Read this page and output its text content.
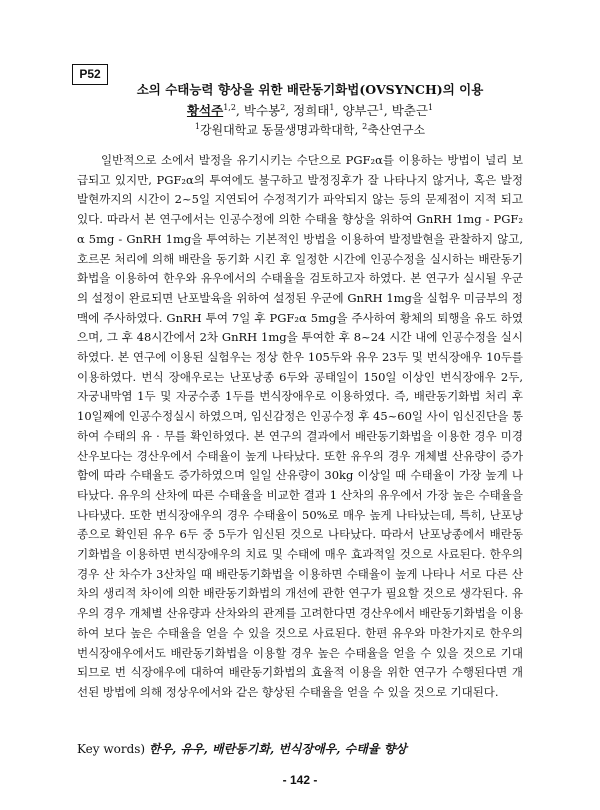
P52
소의 수태능력 향상을 위한 배란동기화법(OVSYNCH)의 이용
황석주$^{1,2}$, 박수봉$^2$, 정희태$^1$, 양부근$^1$, 박춘근$^1$
$^1$강원대학교 동물생명과학대학, $^2$축산연구소
일반적으로 소에서 발정을 유기시키는 수단으로 PGF₂α를 이용하는 방법이 널리 보급되고 있지만, PGF₂α의 투여에도 불구하고 발정징후가 잘 나타나지 않거나, 혹은 발정발현까지의 시간이 2~5일 지연되어 수정적기가 파악되지 않는 등의 문제점이 지적 되고 있다. 따라서 본 연구에서는 인공수정에 의한 수태율 향상을 위하여 GnRH 1mg - PGF₂α 5mg - GnRH 1mg을 투여하는 기본적인 방법을 이용하여 발정발현을 관찰하지 않고, 호르몬 처리에 의해 배란을 동기화 시킨 후 일정한 시간에 인공수정을 실시하는 배란동기화법을 이용하여 한우와 유우에서의 수태율을 검토하고자 하였다. 본 연구가 실시될 우군의 설정이 완료되면 난포발육을 위하여 설정된 우군에 GnRH 1mg을 실험우 미금부의 정맥에 주사하였다. GnRH 투여 7일 후 PGF₂α 5mg을 주사하여 황체의 퇴행을 유도 하였으며, 그 후 48시간에서 2차 GnRH 1mg을 투여한 후 8~24 시간 내에 인공수정을 실시하였다. 본 연구에 이용된 실험우는 정상 한우 105두와 유우 23두 및 번식장애우 10두를 이용하였다. 번식 장애우로는 난포낭종 6두와 공태일이 150일 이상인 번식장애우 2두, 자궁내막염 1두 및 자궁수종 1두를 번식장애우로 이용하였다. 즉, 배란동기화법 처리 후 10일째에 인공수정실시 하였으며, 임신감정은 인공수정 후 45~60일 사이 임신진단을 통하여 수태의 유 · 무를 확인하였다. 본 연구의 결과에서 배란동기화법을 이용한 경우 미경산우보다는 경산우에서 수태율이 높게 나타났다. 또한 유우의 경우 개체별 산유량이 증가함에 따라 수태율도 증가하였으며 일일 산유량이 30kg 이상일 때 수태율이 가장 높게 나타났다. 유우의 산차에 따른 수태율을 비교한 결과 1 산차의 유우에서 가장 높은 수태율을 나타냈다. 또한 번식장애우의 경우 수태율이 50%로 매우 높게 나타났는데, 특히, 난포낭종으로 확인된 유우 6두 중 5두가 임신된 것으로 나타났다. 따라서 난포낭종에서 배란동기화법을 이용하면 번식장애우의 치료 및 수태에 매우 효과적일 것으로 사료된다. 한우의 경우 산 차수가 3산차일 때 배란동기화법을 이용하면 수태율이 높게 나타나 서로 다른 산차의 생리적 차이에 의한 배란동기화법의 개선에 관한 연구가 필요할 것으로 생각된다. 유우의 경우 개체별 산유량과 산차와의 관계를 고려한다면 경산우에서 배란동기화법을 이용하여 보다 높은 수태율을 얻을 수 있을 것으로 사료된다. 한편 유우와 마찬가지로 한우의 번식장애우에서도 배란동기화법을 이용할 경우 높은 수태율을 얻을 수 있을 것으로 기대되므로 번 식장애우에 대하여 배란동기화법의 효율적 이용을 위한 연구가 수행된다면 개선된 방법에 의해 정상우에서와 같은 향상된 수태율을 얻을 수 있을 것으로 기대된다.
Key words) 한우, 유우, 배란동기화, 번식장애우, 수태율 향상
- 142 -
